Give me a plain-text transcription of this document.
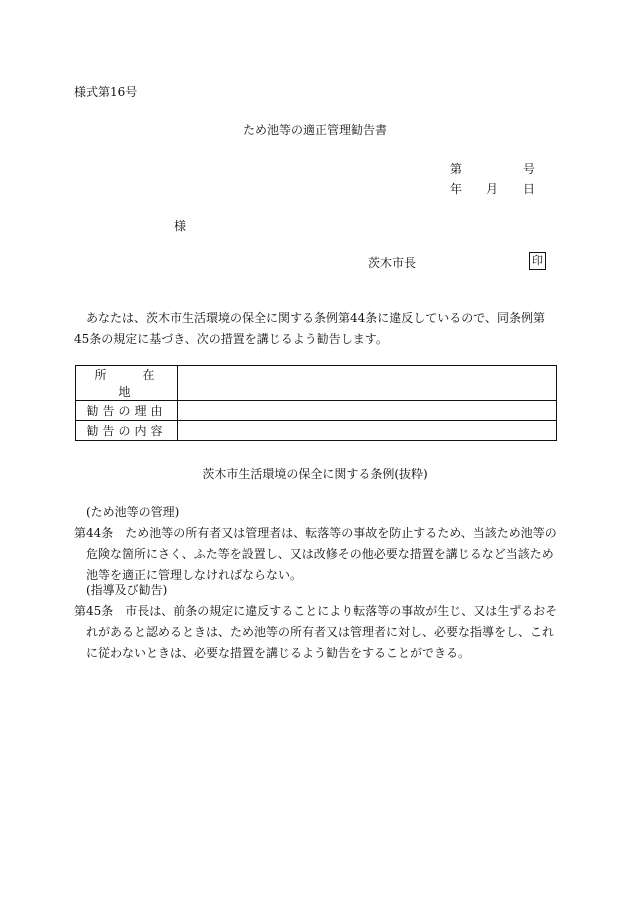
様式第16号
ため池等の適正管理勧告書
第	号
年 月 日
様
茨木市長	印
あなたは、茨木市生活環境の保全に関する条例第44条に違反しているので、同条例第45条の規定に基づき、次の措置を講じるよう勧告します。
所　　在　　地	
勧告の理由	
勧告の内容	
茨木市生活環境の保全に関する条例(抜粋)
(ため池等の管理)
第44条　ため池等の所有者又は管理者は、転落等の事故を防止するため、当該ため池等の危険な箇所にさく、ふた等を設置し、又は改修その他必要な措置を講じるなど当該ため池等を適正に管理しなければならない。
(指導及び勧告)
第45条　市長は、前条の規定に違反することにより転落等の事故が生じ、又は生ずるおそれがあると認めるときは、ため池等の所有者又は管理者に対し、必要な指導をし、これに従わないときは、必要な措置を講じるよう勧告をすることができる。
